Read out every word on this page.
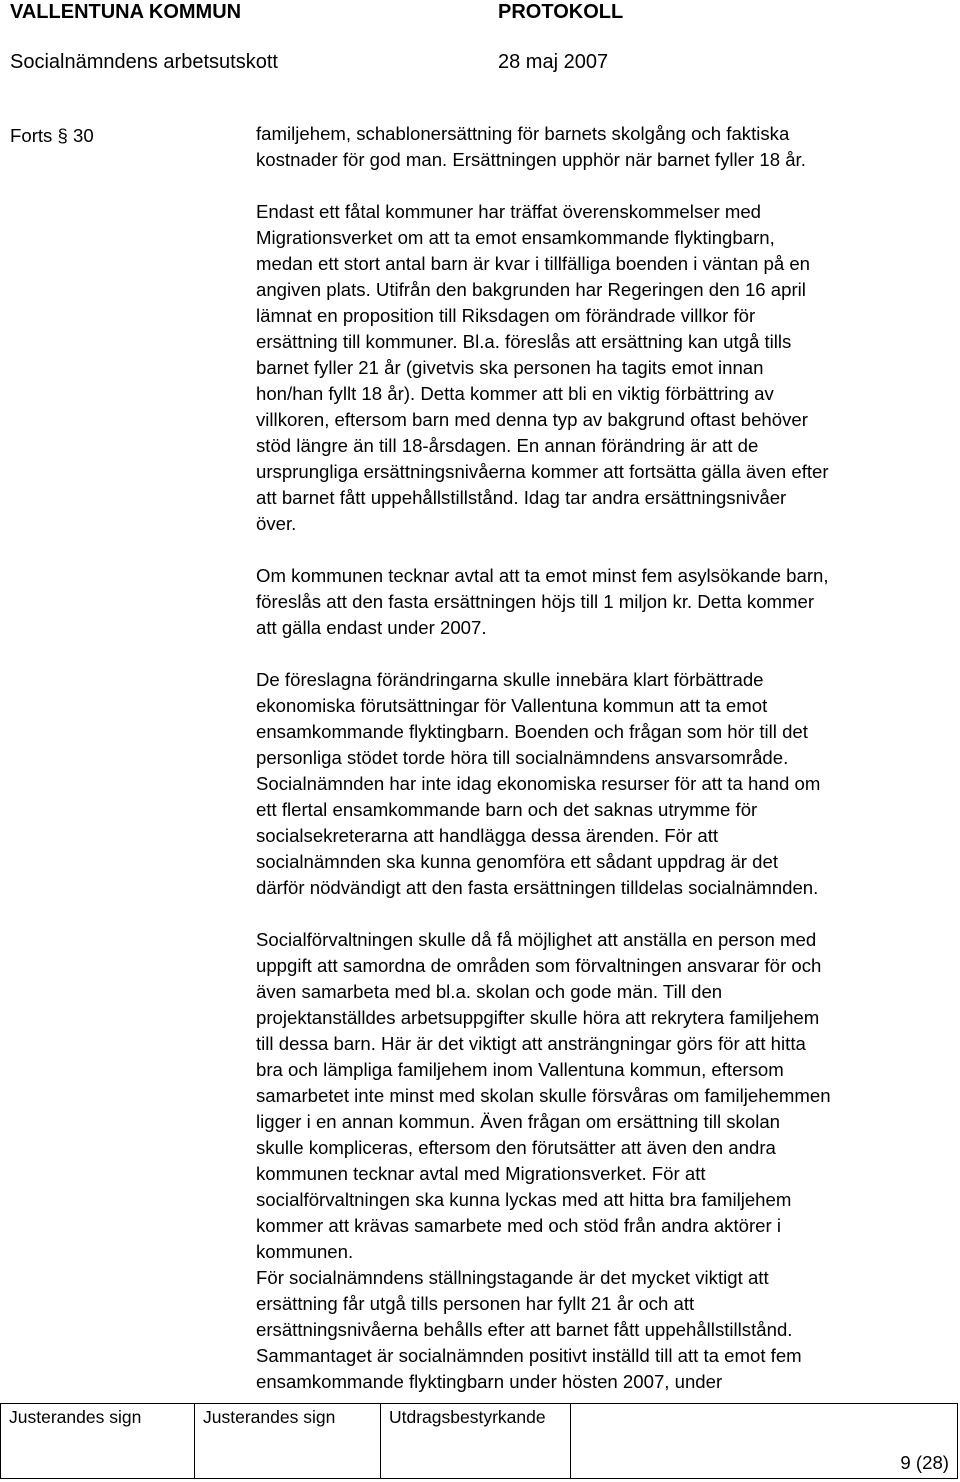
VALLENTUNA KOMMUN	PROTOKOLL
Socialnämndens arbetsutskott	28 maj 2007
Forts § 30	familjehem, schablonersättning för barnets skolgång och faktiska
kostnader för god man. Ersättningen upphör när barnet fyller 18 år.

Endast ett fåtal kommuner har träffat överenskommelser med
Migrationsverket om att ta emot ensamkommande flyktingbarn,
medan ett stort antal barn är kvar i tillfälliga boenden i väntan på en
angiven plats. Utifrån den bakgrunden har Regeringen den 16 april
lämnat en proposition till Riksdagen om förändrade villkor för
ersättning till kommuner. Bl.a. föreslås att ersättning kan utgå tills
barnet fyller 21 år (givetvis ska personen ha tagits emot innan
hon/han fyllt 18 år). Detta kommer att bli en viktig förbättring av
villkoren, eftersom barn med denna typ av bakgrund oftast behöver
stöd längre än till 18-årsdagen. En annan förändring är att de
ursprungliga ersättningsnivåerna kommer att fortsätta gälla även efter
att barnet fått uppehållstillstånd. Idag tar andra ersättningsnivåer
över.

Om kommunen tecknar avtal att ta emot minst fem asylsökande barn,
föreslås att den fasta ersättningen höjs till 1 miljon kr. Detta kommer
att gälla endast under 2007.

De föreslagna förändringarna skulle innebära klart förbättrade
ekonomiska förutsättningar för Vallentuna kommun att ta emot
ensamkommande flyktingbarn. Boenden och frågan som hör till det
personliga stödet torde höra till socialnämndens ansvarsområde.
Socialnämnden har inte idag ekonomiska resurser för att ta hand om
ett flertal ensamkommande barn och det saknas utrymme för
socialsekreterarna att handlägga dessa ärenden. För att
socialnämnden ska kunna genomföra ett sådant uppdrag är det
därför nödvändigt att den fasta ersättningen tilldelas socialnämnden.

Socialförvaltningen skulle då få möjlighet att anställa en person med
uppgift att samordna de områden som förvaltningen ansvarar för och
även samarbeta med bl.a. skolan och gode män. Till den
projektanställdes arbetsuppgifter skulle höra att rekrytera familjehem
till dessa barn. Här är det viktigt att ansträngningar görs för att hitta
bra och lämpliga familjehem inom Vallentuna kommun, eftersom
samarbetet inte minst med skolan skulle försvåras om familjehemmen
ligger i en annan kommun. Även frågan om ersättning till skolan
skulle kompliceras, eftersom den förutsätter att även den andra
kommunen tecknar avtal med Migrationsverket. För att
socialförvaltningen ska kunna lyckas med att hitta bra familjehem
kommer att krävas samarbete med och stöd från andra aktörer i
kommunen.
För socialnämndens ställningstagande är det mycket viktigt att
ersättning får utgå tills personen har fyllt 21 år och att
ersättningsnivåerna behålls efter att barnet fått uppehållstillstånd.
Sammantaget är socialnämnden positivt inställd till att ta emot fem
ensamkommande flyktingbarn under hösten 2007, under

Justerandes sign	Justerandes sign	Utdragsbestyrkande
9 (28)
